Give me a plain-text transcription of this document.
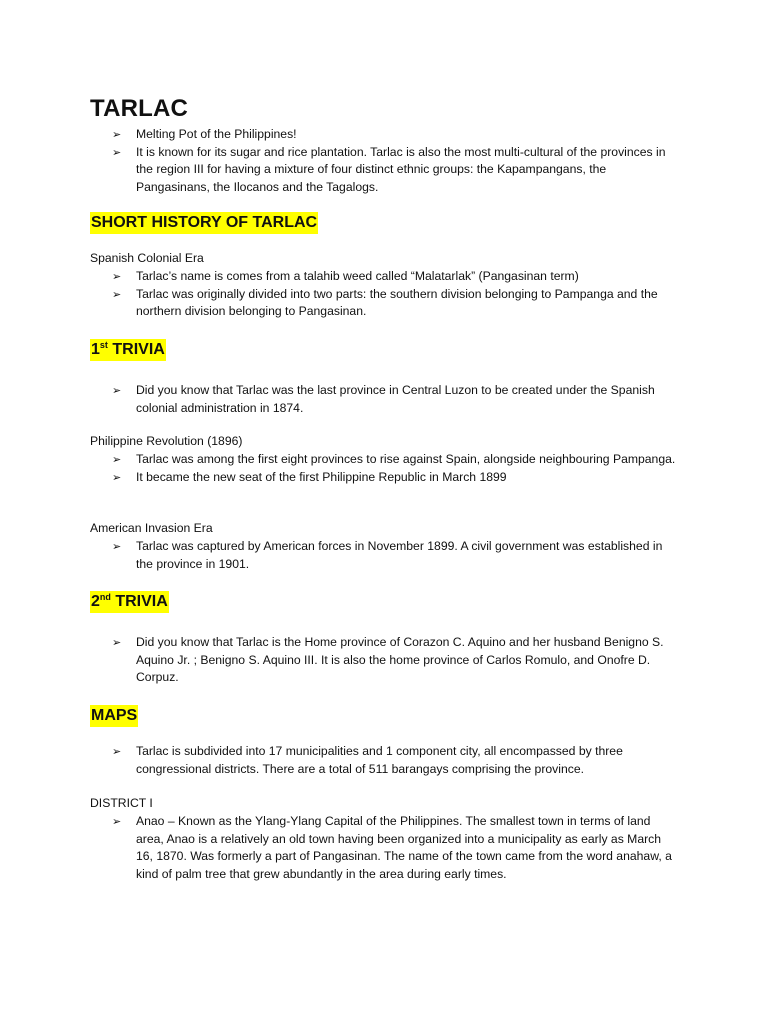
TARLAC
➢ Melting Pot of the Philippines!
➢ It is known for its sugar and rice plantation. Tarlac is also the most multi-cultural of the provinces in the region III for having a mixture of four distinct ethnic groups: the Kapampangans, the Pangasinans, the Ilocanos and the Tagalogs.
SHORT HISTORY OF TARLAC

Spanish Colonial Era

➢ Tarlac’s name is comes from a talahib weed called “Malatarlak” (Pangasinan term)
➢ Tarlac was originally divided into two parts: the southern division belonging to Pampanga and the northern division belonging to Pangasinan.
1st TRIVIA
➢ Did you know that Tarlac was the last province in Central Luzon to be created under the Spanish colonial administration in 1874.

Philippine Revolution (1896)

➢ Tarlac was among the first eight provinces to rise against Spain, alongside neighbouring Pampanga.
➢ It became the new seat of the first Philippine Republic in March 1899

American Invasion Era

➢ Tarlac was captured by American forces in November 1899. A civil government was established in the province in 1901.
2nd TRIVIA
➢ Did you know that Tarlac is the Home province of Corazon C. Aquino and her husband Benigno S. Aquino Jr. ; Benigno S. Aquino III. It is also the home province of Carlos Romulo, and Onofre D. Corpuz.
MAPS
➢ Tarlac is subdivided into 17 municipalities and 1 component city, all encompassed by three congressional districts. There are a total of 511 barangays comprising the province.

DISTRICT I

➢ Anao – Known as the Ylang-Ylang Capital of the Philippines. The smallest town in terms of land area, Anao is a relatively an old town having been organized into a municipality as early as March 16, 1870. Was formerly a part of Pangasinan. The name of the town came from the word anahaw, a kind of palm tree that grew abundantly in the area during early times.
